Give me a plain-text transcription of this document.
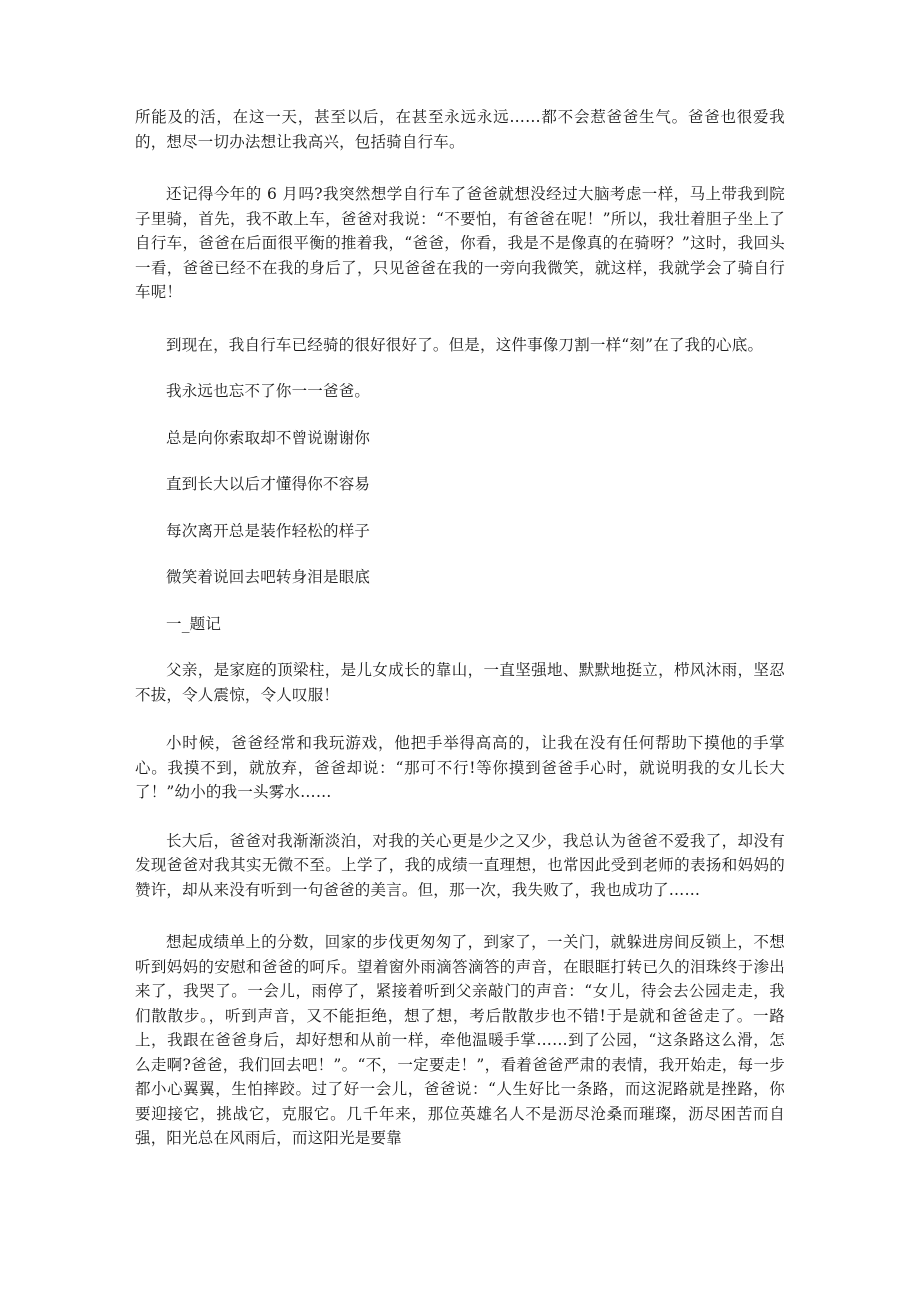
所能及的活，在这一天，甚至以后，在甚至永远永远……都不会惹爸爸生气。爸爸也很爱我的，想尽一切办法想让我高兴，包括骑自行车。

还记得今年的 6 月吗?我突然想学自行车了爸爸就想没经过大脑考虑一样，马上带我到院子里骑，首先，我不敢上车，爸爸对我说：“不要怕，有爸爸在呢！”所以，我壮着胆子坐上了自行车，爸爸在后面很平衡的推着我，“爸爸，你看，我是不是像真的在骑呀？”这时，我回头一看，爸爸已经不在我的身后了，只见爸爸在我的一旁向我微笑，就这样，我就学会了骑自行车呢！

到现在，我自行车已经骑的很好很好了。但是，这件事像刀割一样“刻”在了我的心底。

我永远也忘不了你一一爸爸。

总是向你索取却不曾说谢谢你

直到长大以后才懂得你不容易

每次离开总是装作轻松的样子

微笑着说回去吧转身泪是眼底

一_题记

父亲，是家庭的顶梁柱，是儿女成长的靠山，一直坚强地、默默地挺立，栉风沐雨，坚忍不拔，令人震惊，令人叹服！

小时候，爸爸经常和我玩游戏，他把手举得高高的，让我在没有任何帮助下摸他的手掌心。我摸不到，就放弃，爸爸却说：“那可不行!等你摸到爸爸手心时，就说明我的女儿长大了！”幼小的我一头雾水……

长大后，爸爸对我渐渐淡泊，对我的关心更是少之又少，我总认为爸爸不爱我了，却没有发现爸爸对我其实无微不至。上学了，我的成绩一直理想，也常因此受到老师的表扬和妈妈的赞许，却从来没有听到一句爸爸的美言。但，那一次，我失败了，我也成功了……

想起成绩单上的分数，回家的步伐更匆匆了，到家了，一关门，就躲进房间反锁上，不想听到妈妈的安慰和爸爸的呵斥。望着窗外雨滴答滴答的声音，在眼眶打转已久的泪珠终于渗出来了，我哭了。一会儿，雨停了，紧接着听到父亲敲门的声音：“女儿，待会去公园走走，我们散散步。，听到声音，又不能拒绝，想了想，考后散散步也不错!于是就和爸爸走了。一路上，我跟在爸爸身后，却好想和从前一样，牵他温暖手掌……到了公园，“这条路这么滑，怎么走啊?爸爸，我们回去吧！”。“不，一定要走！”，看着爸爸严肃的表情，我开始走，每一步都小心翼翼，生怕摔跤。过了好一会儿，爸爸说：“人生好比一条路，而这泥路就是挫路，你要迎接它，挑战它，克服它。几千年来，那位英雄名人不是沥尽沧桑而璀璨，沥尽困苦而自强，阳光总在风雨后，而这阳光是要靠
